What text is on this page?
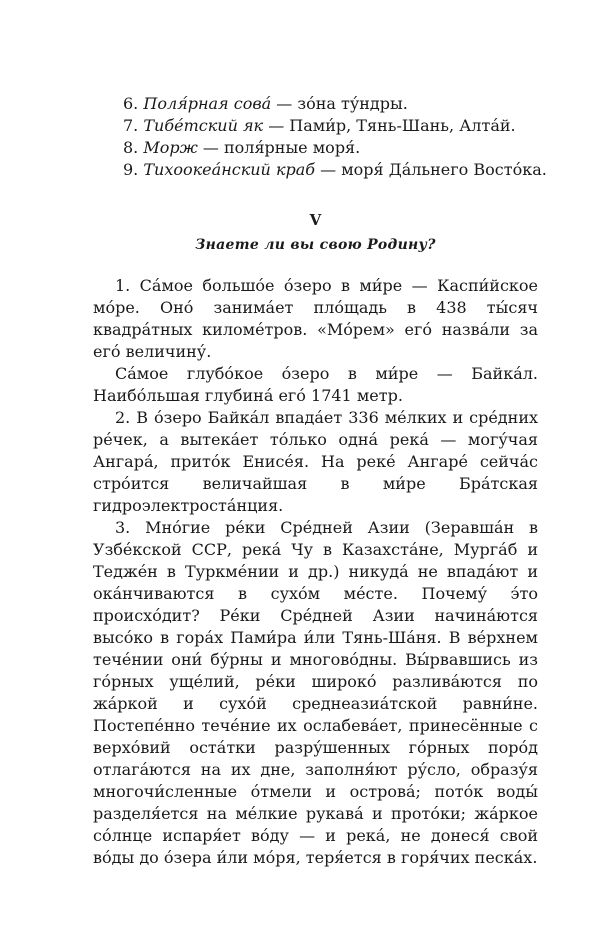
6. Поля́рная сова́ — зо́на ту́ндры.
7. Тибе́тский як — Пами́р, Тянь-Шань, Алта́й.
8. Морж — поля́рные моря́.
9. Тихоокеа́нский краб — моря́ Да́льнего Восто́ка.
V
Знаете ли вы свою Родину?

1. Са́мое большо́е о́зеро в ми́ре — Каспи́йское мо́ре. Оно́ занима́ет пло́щадь в 438 ты́сяч квадра́тных киломе́тров. «Мо́рем» его́ назва́ли за его́ величину́.

Са́мое глубо́кое о́зеро в ми́ре — Байка́л. Наибо́льшая глубина́ его́ 1741 метр.

2. В о́зеро Байка́л впада́ет 336 ме́лких и сре́дних ре́чек, а вытека́ет то́лько одна́ река́ — могу́чая Ангара́, прито́к Енисе́я. На реке́ Ангаре́ сейча́с стро́ится величайшая в ми́ре Бра́тская гидроэлектроста́нция.

3. Мно́гие ре́ки Сре́дней Азии (Зеравша́н в Узбе́кской ССР, река́ Чу в Казахста́не, Мурга́б и Теджéн в Туркме́нии и др.) никуда́ не впада́ют и ока́нчиваются в сухо́м ме́сте. Почему́ э́то происхо́дит? Ре́ки Сре́дней Азии начина́ются высо́ко в гора́х Пами́ра и́ли Тянь-Ша́ня. В ве́рхнем тече́нии они́ бу́рны и многово́дны. Вы́рвавшись из го́рных уще́лий, ре́ки широко́ разлива́ются по жа́ркой и сухо́й среднеазиа́тской равни́не. Постепе́нно тече́ние их ослабева́ет, принесённые с верхо́вий оста́тки разру́шенных го́рных поро́д отлага́ются на их дне, заполня́ют ру́сло, образу́я многочи́сленные о́тмели и острова́; пото́к воды́ разделя́ется на ме́лкие рукава́ и прото́ки; жа́ркое со́лнце испаря́ет во́ду — и река́, не донеся́ свой во́ды до о́зера и́ли мо́ря, теря́ется в горя́чих песка́х.
